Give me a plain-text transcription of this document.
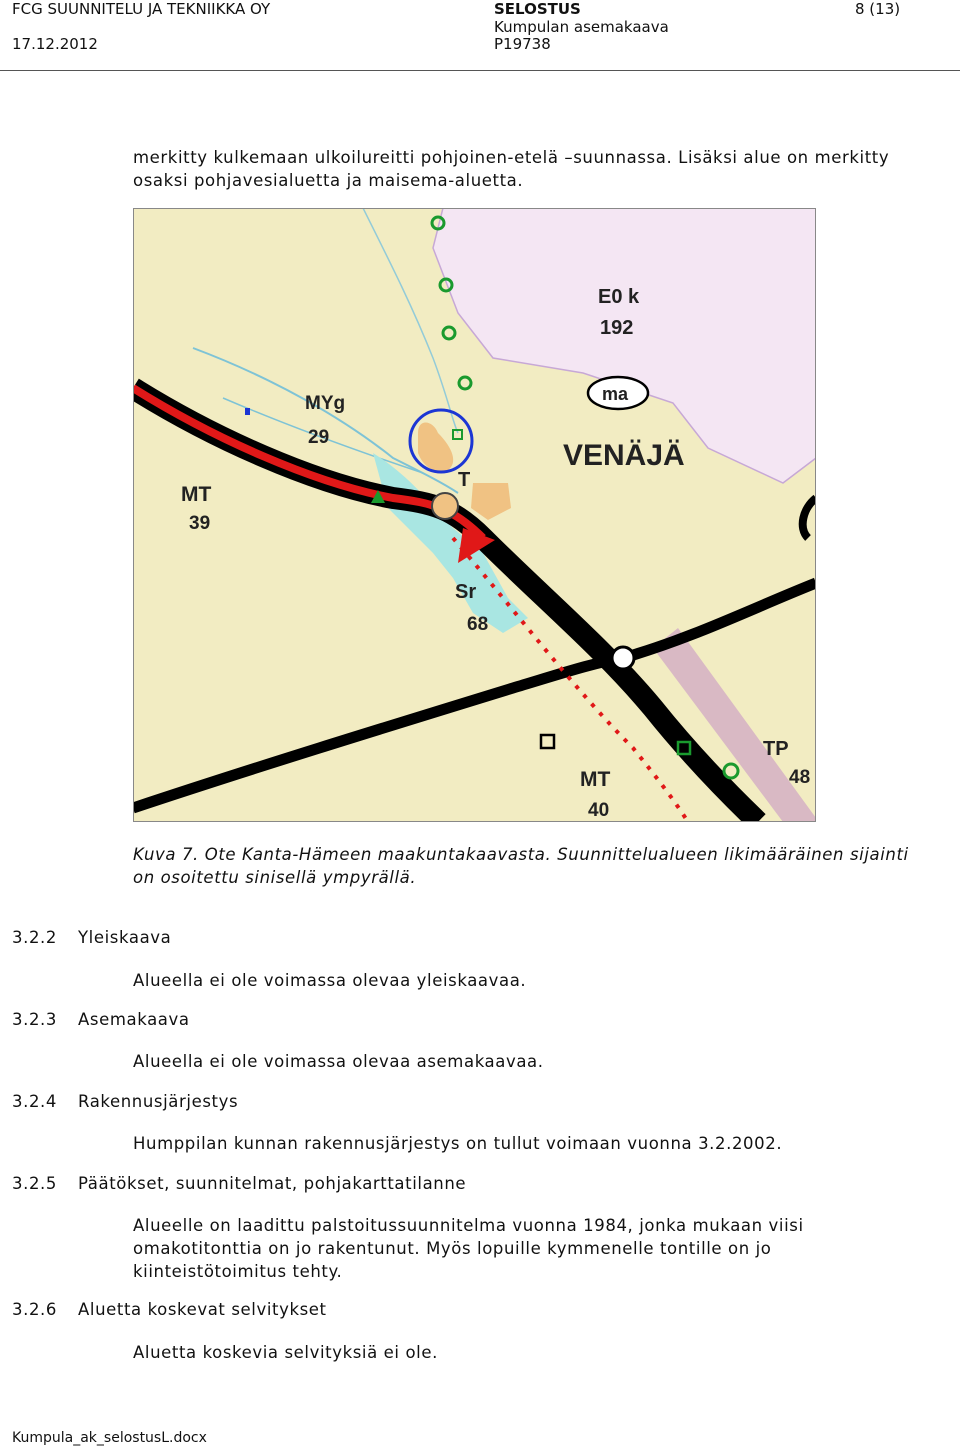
FCG SUUNNITELU JA TEKNIIKKA OY
17.12.2012
SELOSTUS
Kumpulan asemakaava
P19738
8 (13)
merkitty kulkemaan ulkoilureitti pohjoinen-etelä –suunnassa. Lisäksi alue on merkitty
osaksi pohjavesialuetta ja maisema-aluetta.
E0 k
192
ma
MYg
29
MT
39
VENÄJÄ
T
Sr
68
MT
40
TP
48
Kuva 7. Ote Kanta-Hämeen maakuntakaavasta. Suunnittelualueen likimääräinen sijainti
on osoitettu sinisellä ympyrällä.
3.2.2 Yleiskaava
Alueella ei ole voimassa olevaa yleiskaavaa.
3.2.3 Asemakaava
Alueella ei ole voimassa olevaa asemakaavaa.
3.2.4 Rakennusjärjestys
Humppilan kunnan rakennusjärjestys on tullut voimaan vuonna 3.2.2002.
3.2.5 Päätökset, suunnitelmat, pohjakarttatilanne
Alueelle on laadittu palstoitussuunnitelma vuonna 1984, jonka mukaan viisi
omakotitonttia on jo rakentunut. Myös lopuille kymmenelle tontille on jo
kiinteistötoimitus tehty.
3.2.6 Aluetta koskevat selvitykset
Aluetta koskevia selvityksiä ei ole.
Kumpula_ak_selostusL.docx
